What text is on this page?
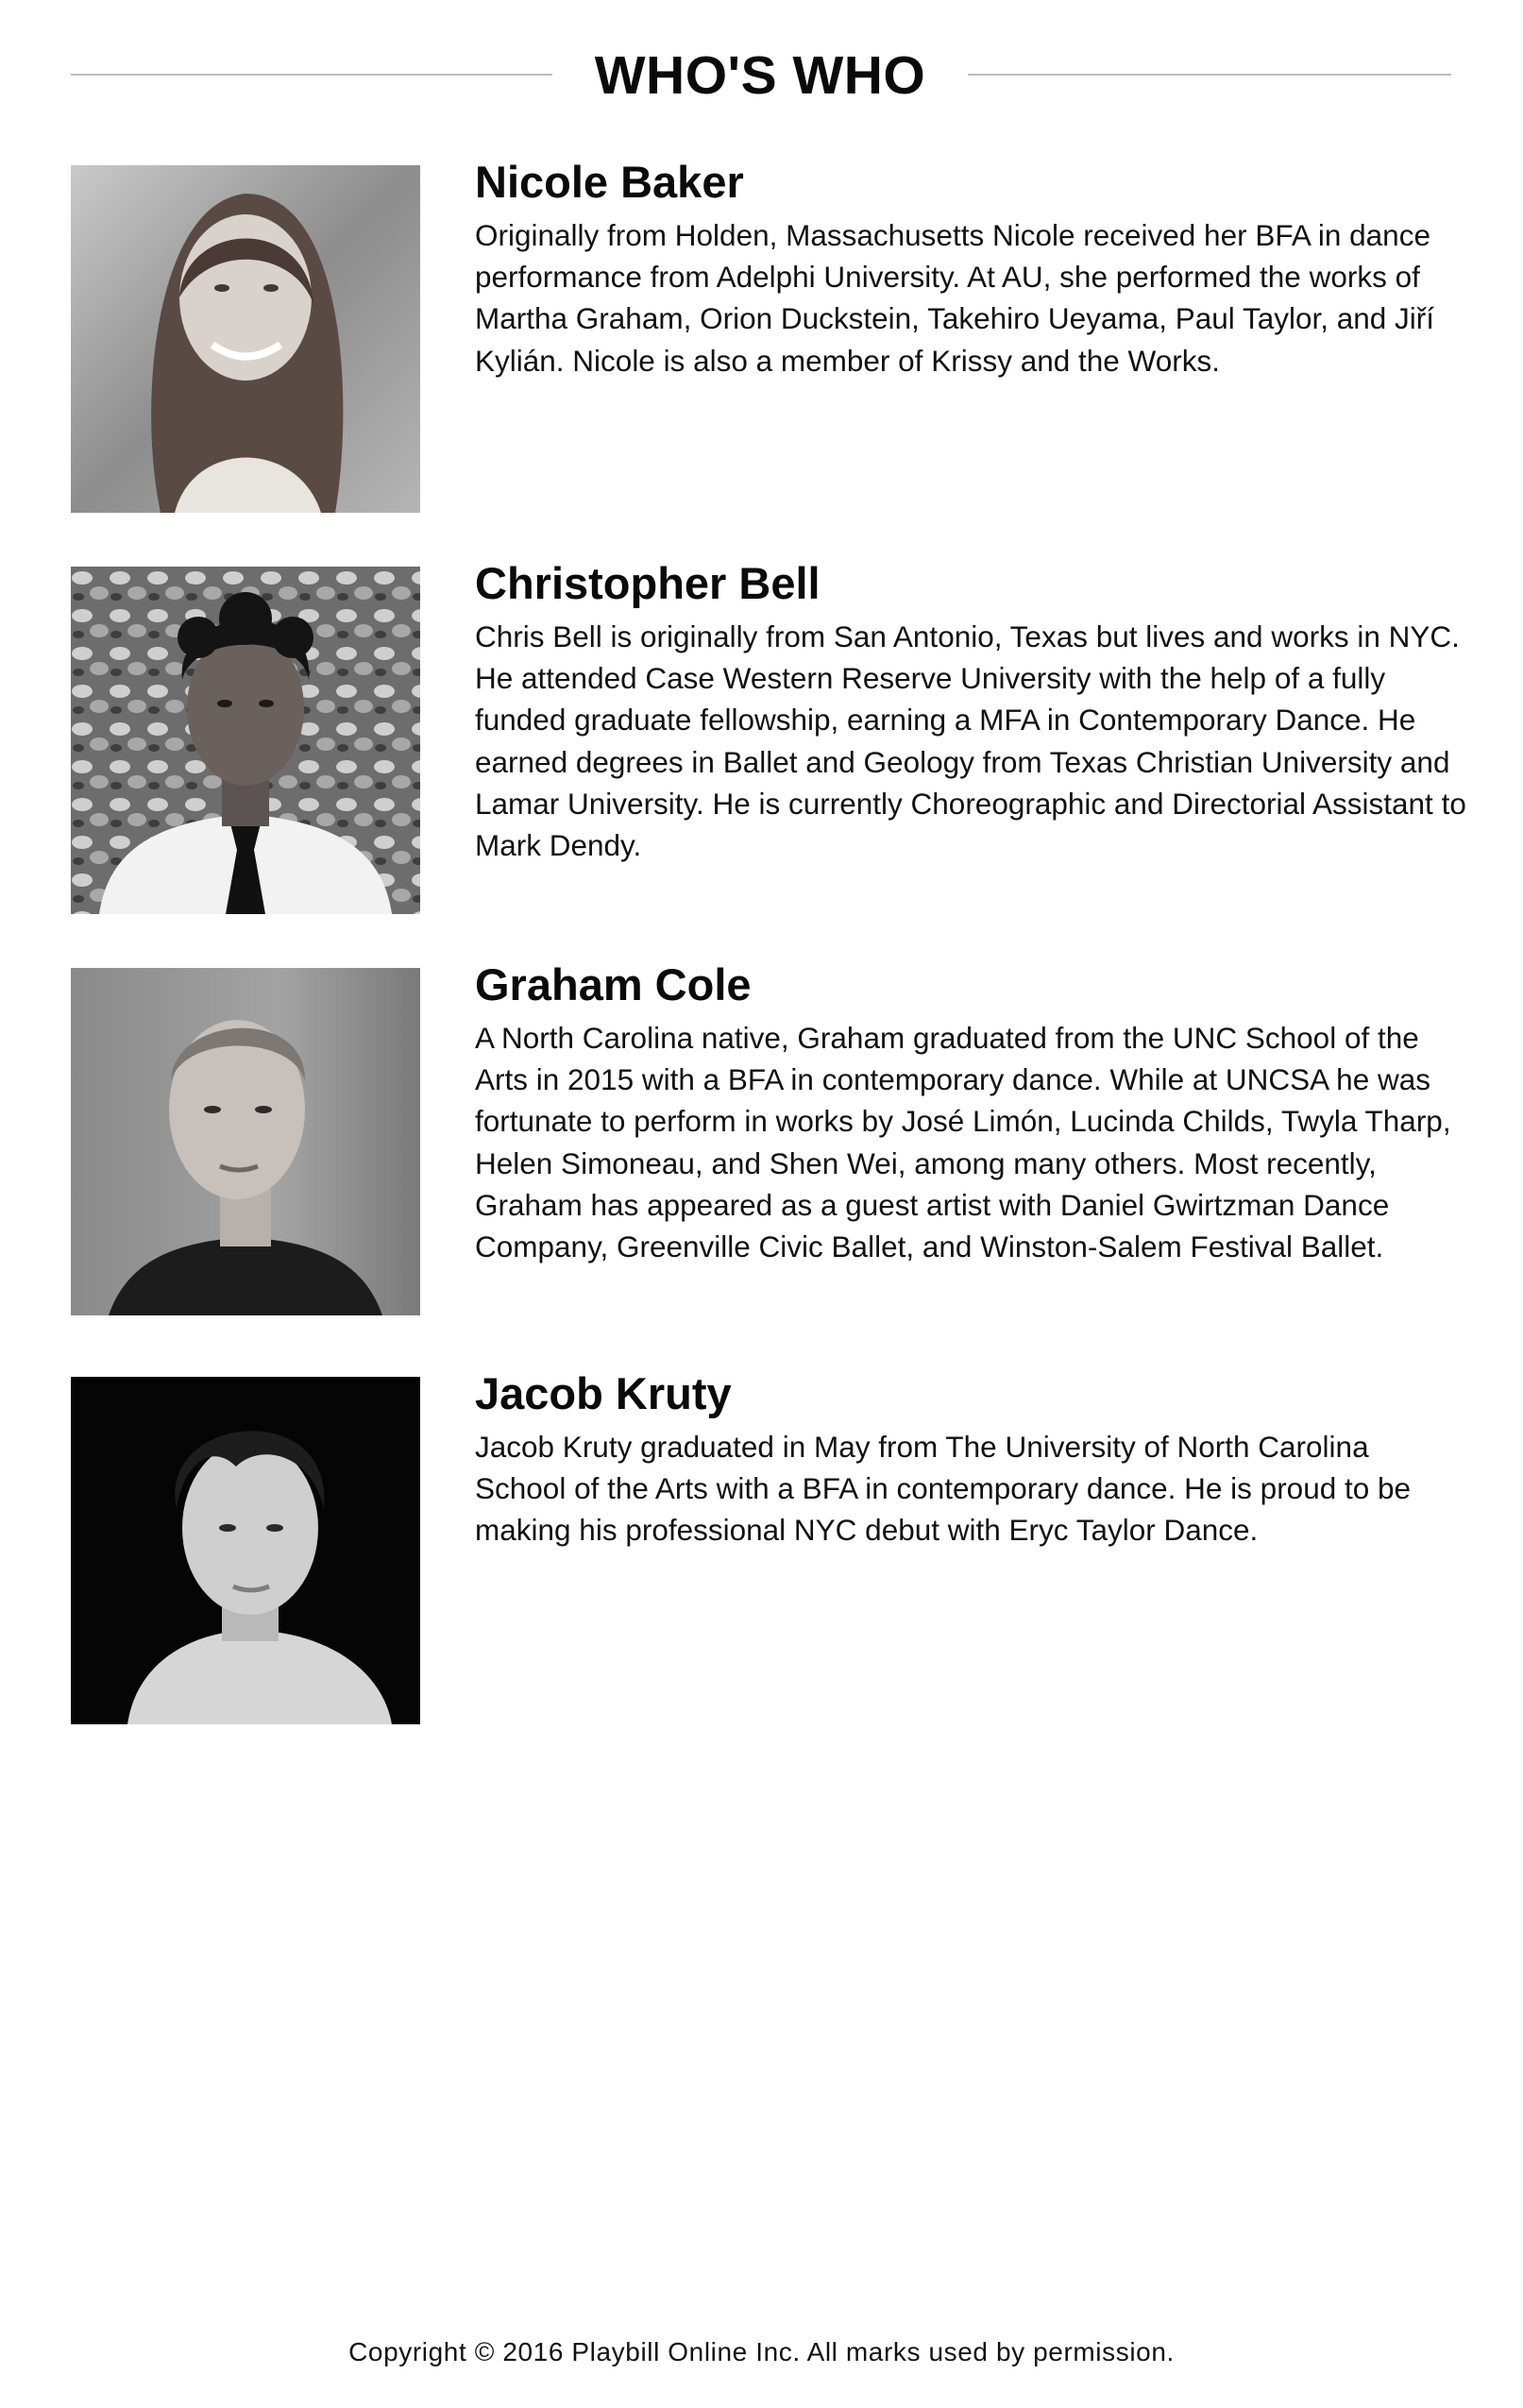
WHO'S WHO
Nicole Baker

Originally from Holden, Massachusetts Nicole received her BFA in dance performance from Adelphi University. At AU, she performed the works of Martha Graham, Orion Duckstein, Takehiro Ueyama, Paul Taylor, and Jiří Kylián. Nicole is also a member of Krissy and the Works.

Christopher Bell

Chris Bell is originally from San Antonio, Texas but lives and works in NYC. He attended Case Western Reserve University with the help of a fully funded graduate fellowship, earning a MFA in Contemporary Dance. He earned degrees in Ballet and Geology from Texas Christian University and Lamar University. He is currently Choreographic and Directorial Assistant to Mark Dendy.

Graham Cole

A North Carolina native, Graham graduated from the UNC School of the Arts in 2015 with a BFA in contemporary dance. While at UNCSA he was fortunate to perform in works by José Limón, Lucinda Childs, Twyla Tharp, Helen Simoneau, and Shen Wei, among many others. Most recently, Graham has appeared as a guest artist with Daniel Gwirtzman Dance Company, Greenville Civic Ballet, and Winston-Salem Festival Ballet.

Jacob Kruty

Jacob Kruty graduated in May from The University of North Carolina School of the Arts with a BFA in contemporary dance. He is proud to be making his professional NYC debut with Eryc Taylor Dance.

Copyright © 2016 Playbill Online Inc. All marks used by permission.
